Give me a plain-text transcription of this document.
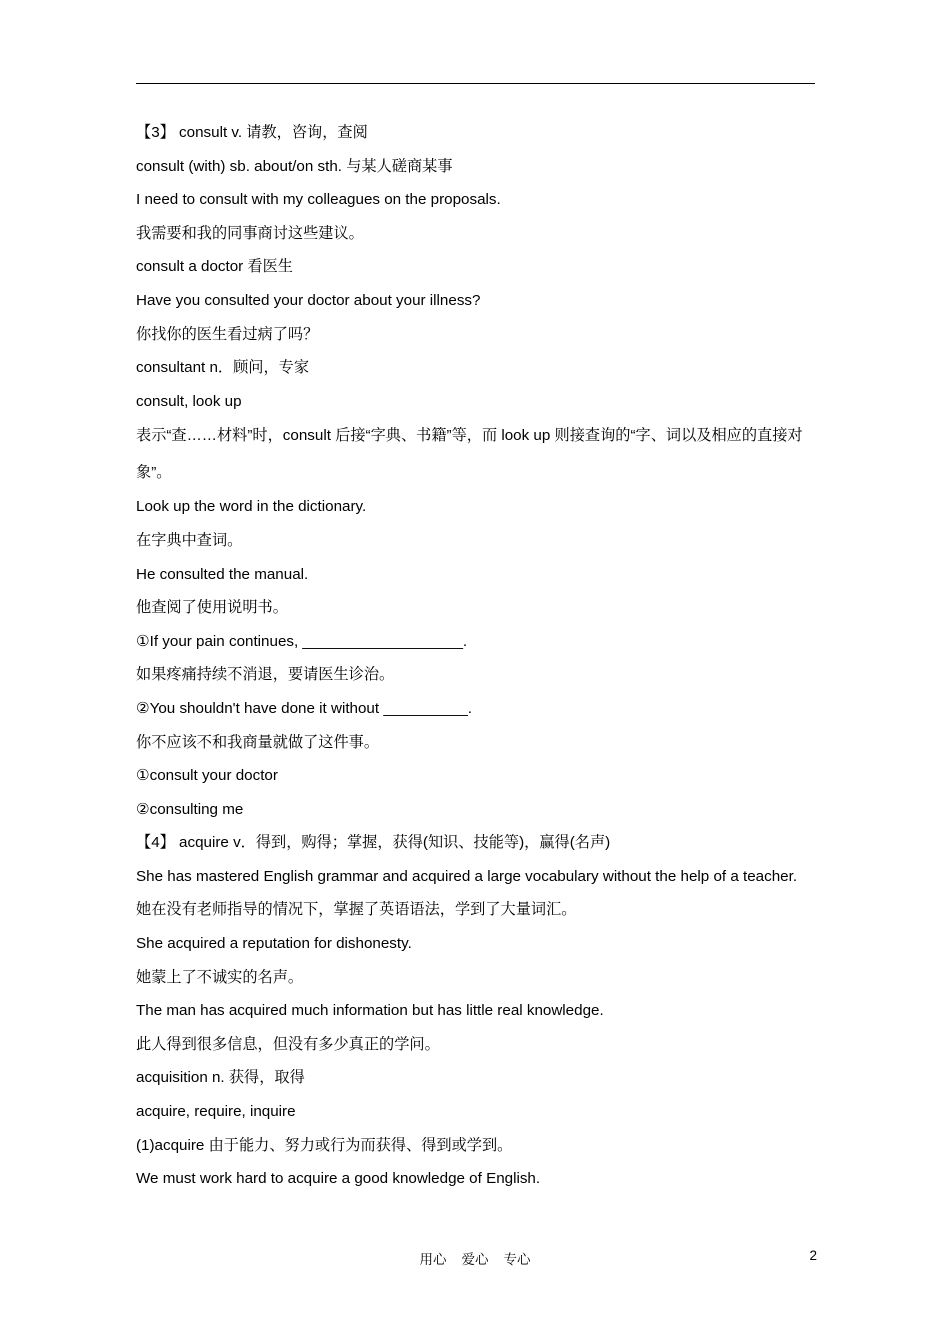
【3】 consult v. 请教，咨询，查阅

consult (with) sb. about/on sth. 与某人磋商某事

I need to consult with my colleagues on the proposals.

我需要和我的同事商讨这些建议。

consult a doctor 看医生

Have you consulted your doctor about your illness?

你找你的医生看过病了吗？

consultant n．顾问，专家

consult, look up

表示“查……材料”时，consult 后接“字典、书籍”等，而 look up 则接查询的“字、词以及相应的直接对象”。

Look up the word in the dictionary.

在字典中查词。

He consulted the manual.

他查阅了使用说明书。

①If your pain continues, ___________________.

如果疼痛持续不消退，要请医生诊治。

②You shouldn't have done it without __________.

你不应该不和我商量就做了这件事。

①consult your doctor

②consulting me

【4】 acquire v．得到，购得；掌握，获得(知识、技能等)，赢得(名声)

She has mastered English grammar and acquired a large vocabulary without the help of a teacher.

她在没有老师指导的情况下，掌握了英语语法，学到了大量词汇。

She acquired a reputation for dishonesty.

她蒙上了不诚实的名声。

The man has acquired much information but has little real knowledge.

此人得到很多信息，但没有多少真正的学问。

acquisition n. 获得，取得

acquire, require, inquire

(1)acquire 由于能力、努力或行为而获得、得到或学到。

We must work hard to acquire a good knowledge of English.

用心    爱心    专心	2
